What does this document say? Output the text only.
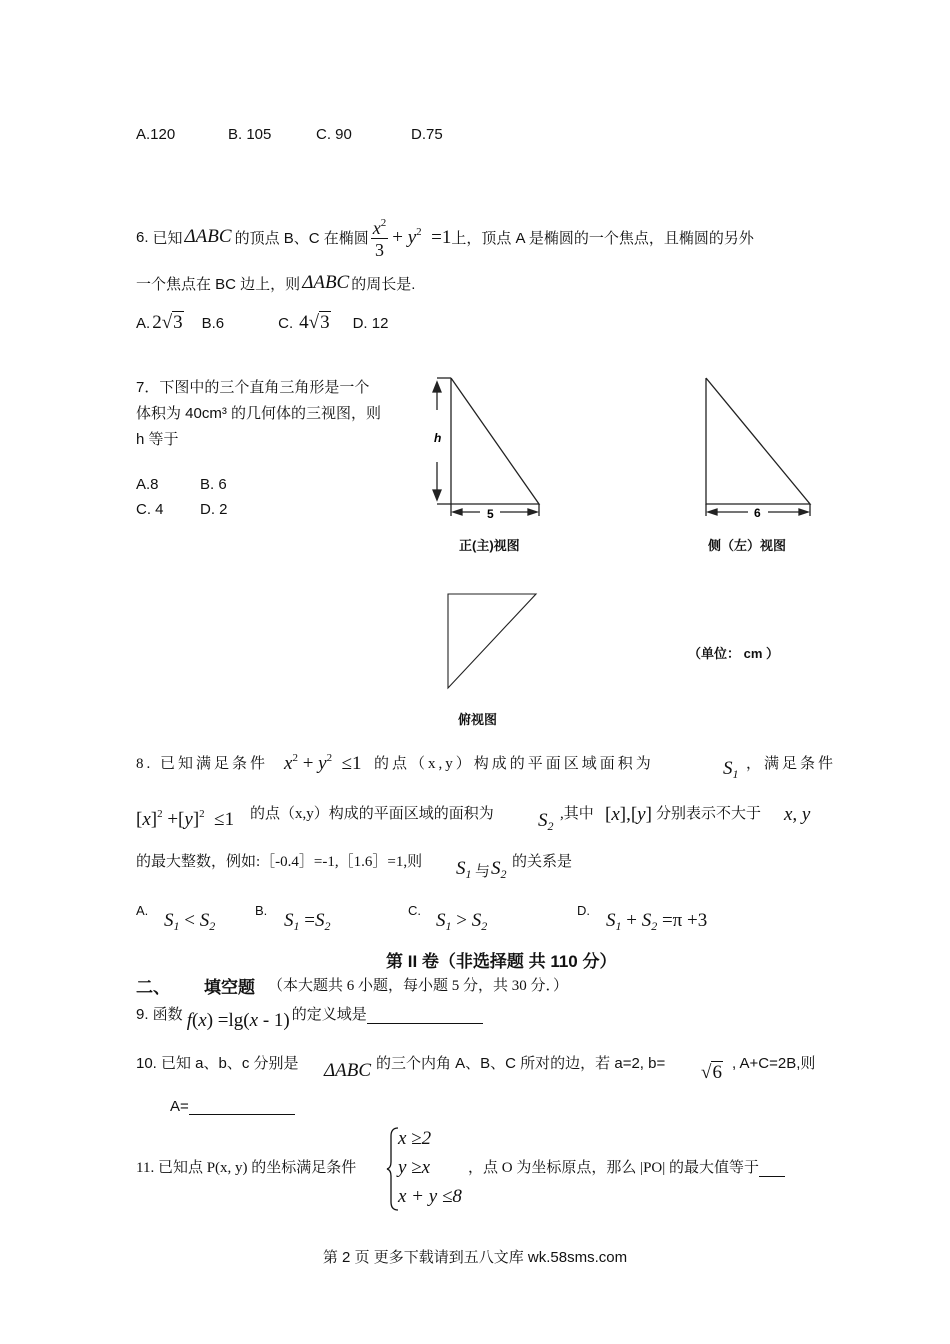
A.120	B. 105	C. 90	D.75
6. 已知 ΔABC 的顶点 B、C 在椭圆 $\frac{x^2}{3} + y^2 =1$ 上，顶点 A 是椭圆的一个焦点，且椭圆的另外
一个焦点在 BC 边上，则 ΔABC 的周长是.
A. 2√3 B.6	C. 4√3 D. 12
7．下图中的三个直角三角形是一个
体积为 40cm³ 的几何体的三视图，则
h 等于
A.8	B. 6
C. 4 D. 2
h
5	6
正(主)视图	侧（左）视图
俯视图
（单位： cm ）
8. 已知满足条件 $x^2 + y^2 \le 1$ 的点（x,y）构成的平面区域面积为	$S_1$
，满足条件
$[x]^2 +[y]^2 \le 1$ 的点（x,y）构成的平面区域的面积为 $S_2$
,其中 [x],[y] 分别表示不大于 x, y
的最大整数，例如:［-0.4］=-1,［1.6］=1,则 $S_1$ 与 $S_2$
的关系是
A. $S_1 < S_2$
B. $S_1 =S_2$
C. $S_1 > S_2$
D. $S_1 + S_2 =\pi +3$
第 II 卷（非选择题 共 110 分）
二、 填空题 （本大题共 6 小题，每小题 5 分，共 30 分．）
9. 函数 f(x) =lg(x - 1) 的定义域是
10. 已知 a、b、c 分别是 ΔABC 的三个内角 A、B、C 所对的边，若 a=2, b= √6 , A+C=2B,则
A=
11. 已知点 P(x, y) 的坐标满足条件
x ≥2
y ≥x
x + y ≤8
，点 O 为坐标原点，那么 |PO| 的最大值等于
第 2 页 更多下载请到五八文库 wk.58sms.com
